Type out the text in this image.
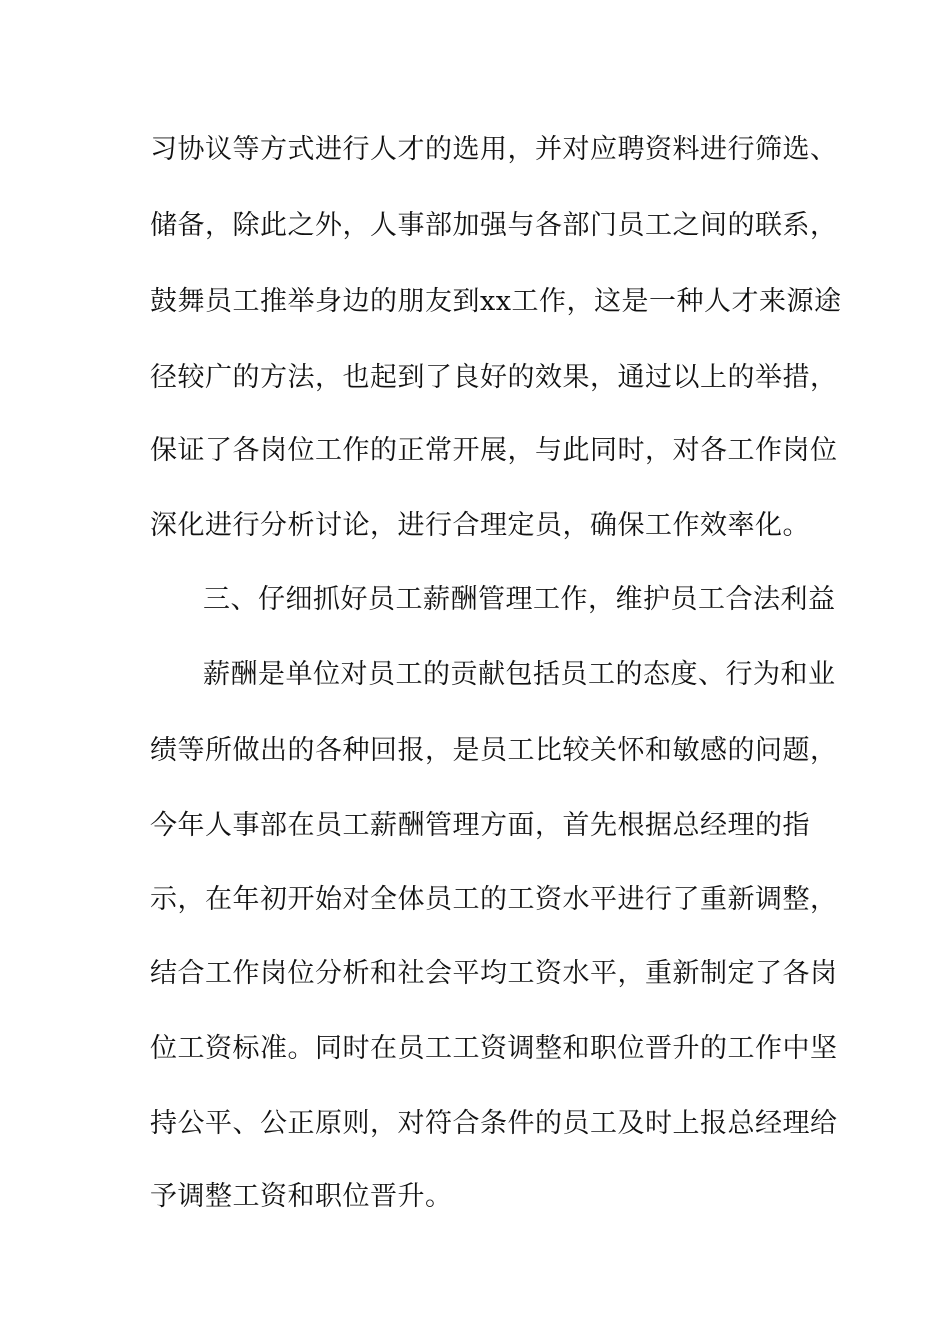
习协议等方式进行人才的选用，并对应聘资料进行筛选、
储备，除此之外，人事部加强与各部门员工之间的联系，
鼓舞员工推举身边的朋友到xx工作，这是一种人才来源途
径较广的方法，也起到了良好的效果，通过以上的举措，
保证了各岗位工作的正常开展，与此同时，对各工作岗位
深化进行分析讨论，进行合理定员，确保工作效率化。
三、仔细抓好员工薪酬管理工作，维护员工合法利益
薪酬是单位对员工的贡献包括员工的态度、行为和业
绩等所做出的各种回报，是员工比较关怀和敏感的问题，
今年人事部在员工薪酬管理方面，首先根据总经理的指
示，在年初开始对全体员工的工资水平进行了重新调整，
结合工作岗位分析和社会平均工资水平，重新制定了各岗
位工资标准。同时在员工工资调整和职位晋升的工作中坚
持公平、公正原则，对符合条件的员工及时上报总经理给
予调整工资和职位晋升。
